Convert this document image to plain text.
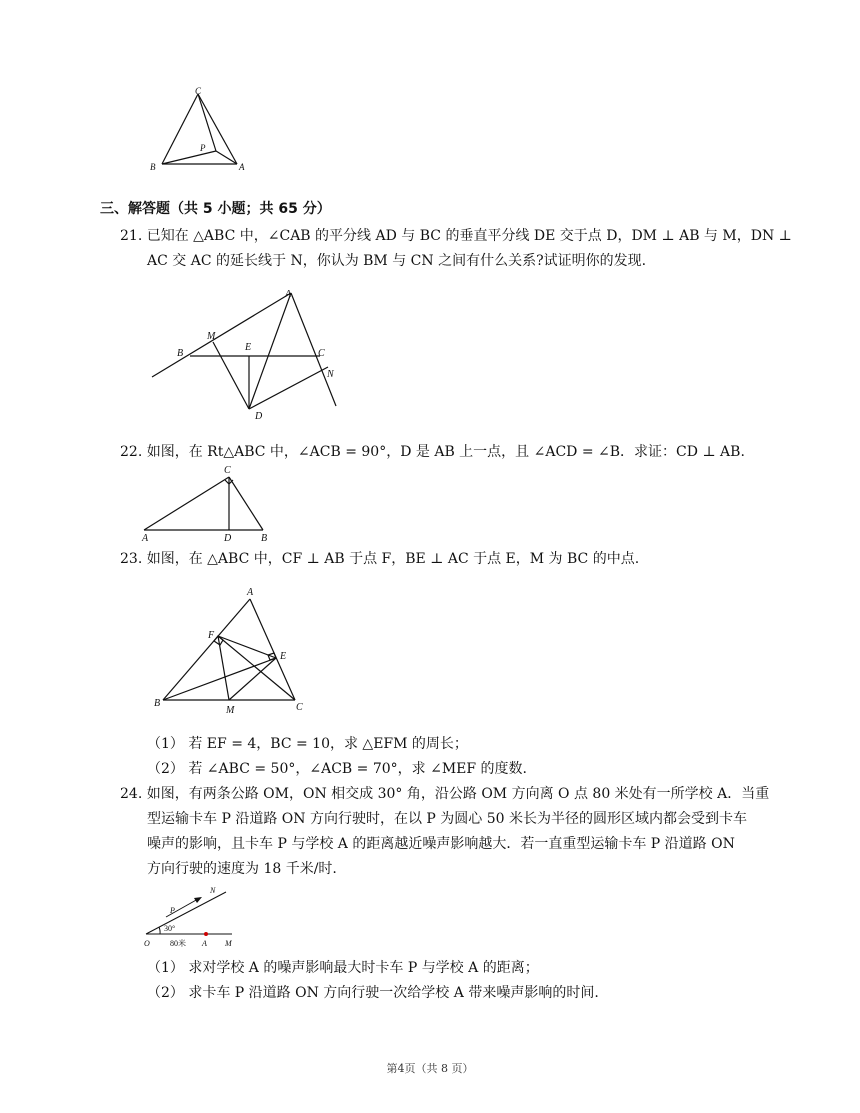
C
P
B	A
三、解答题（共 5 小题；共 65 分）
21. 已知在 △ABC 中，∠CAB 的平分线 AD 与 BC 的垂直平分线 DE 交于点 D，DM ⊥ AB 与 M，DN ⊥
AC 交 AC 的延长线于 N，你认为 BM 与 CN 之间有什么关系?试证明你的发现.
A
M
B
E
C
N
D
22. 如图，在 Rt△ABC 中，∠ACB = 90°，D 是 AB 上一点，且 ∠ACD = ∠B．求证：CD ⊥ AB.
C
A	D	B
23. 如图，在 △ABC 中，CF ⊥ AB 于点 F，BE ⊥ AC 于点 E，M 为 BC 的中点.
A
F
E
B
M	C
（1） 若 EF = 4，BC = 10，求 △EFM 的周长；
（2） 若 ∠ABC = 50°，∠ACB = 70°，求 ∠MEF 的度数.
24. 如图，有两条公路 OM，ON 相交成 30° 角，沿公路 OM 方向离 O 点 80 米处有一所学校 A．当重
型运输卡车 P 沿道路 ON 方向行驶时，在以 P 为圆心 50 米长为半径的圆形区域内都会受到卡车
噪声的影响，且卡车 P 与学校 A 的距离越近噪声影响越大．若一直重型运输卡车 P 沿道路 ON
方向行驶的速度为 18 千米/时.
N
P
30°
O	80米 A M
（1） 求对学校 A 的噪声影响最大时卡车 P 与学校 A 的距离；
（2） 求卡车 P 沿道路 ON 方向行驶一次给学校 A 带来噪声影响的时间.
第4页（共 8 页）
